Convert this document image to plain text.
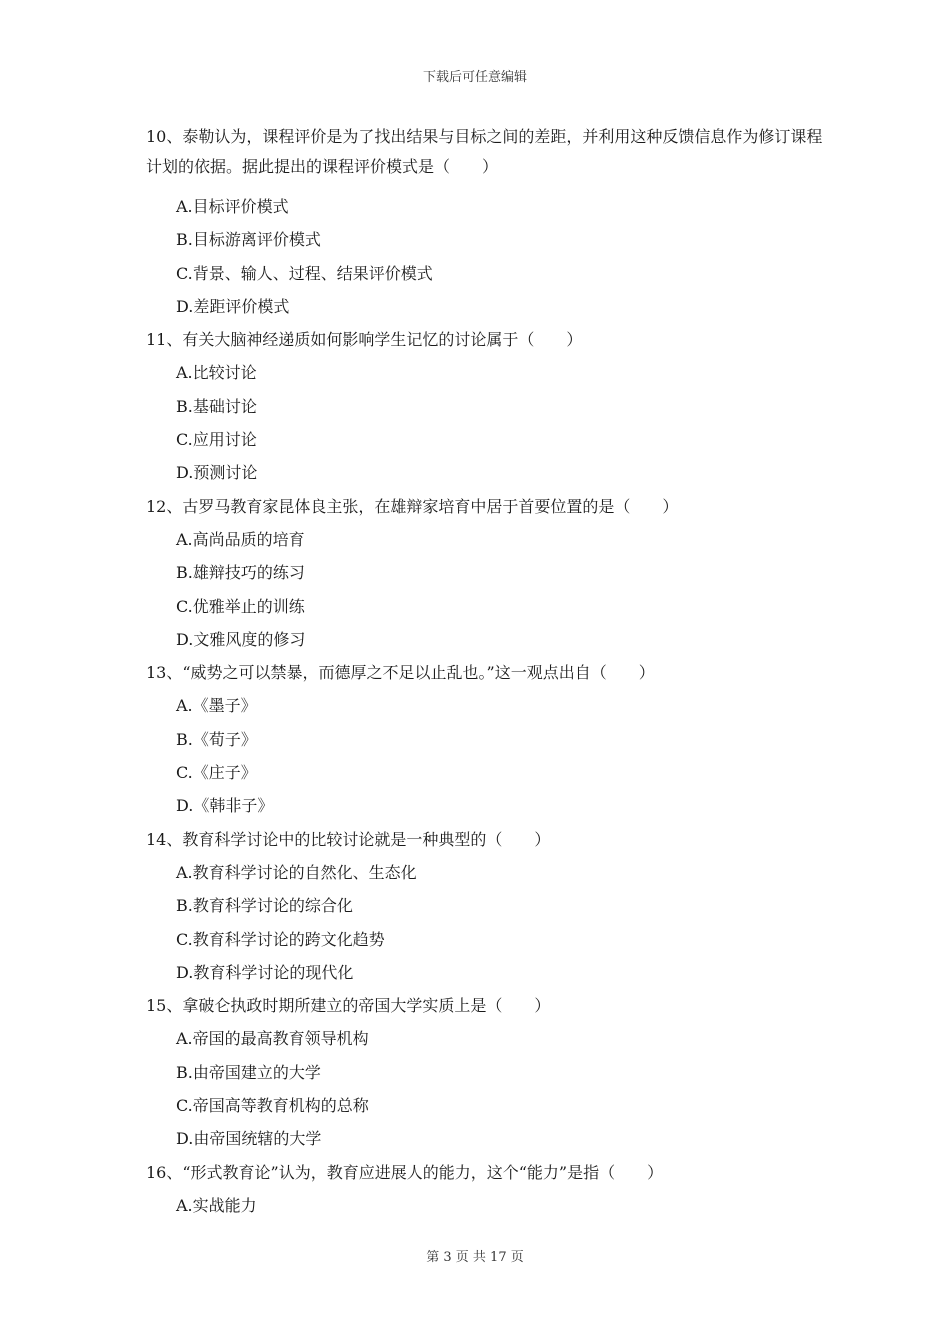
下载后可任意编辑

10、泰勒认为，课程评价是为了找出结果与目标之间的差距，并利用这种反馈信息作为修订课程计划的依据。据此提出的课程评价模式是（　　）

A.目标评价模式

B.目标游离评价模式

C.背景、输人、过程、结果评价模式

D.差距评价模式

11、有关大脑神经递质如何影响学生记忆的讨论属于（　　）

A.比较讨论

B.基础讨论

C.应用讨论

D.预测讨论

12、古罗马教育家昆体良主张，在雄辩家培育中居于首要位置的是（　　）

A.高尚品质的培育

B.雄辩技巧的练习

C.优雅举止的训练

D.文雅风度的修习

13、“威势之可以禁暴，而德厚之不足以止乱也。”这一观点出自（　　）

A.《墨子》

B.《荀子》

C.《庄子》

D.《韩非子》

14、教育科学讨论中的比较讨论就是一种典型的（　　）

A.教育科学讨论的自然化、生态化

B.教育科学讨论的综合化

C.教育科学讨论的跨文化趋势

D.教育科学讨论的现代化

15、拿破仑执政时期所建立的帝国大学实质上是（　　）

A.帝国的最高教育领导机构

B.由帝国建立的大学

C.帝国高等教育机构的总称

D.由帝国统辖的大学

16、“形式教育论”认为，教育应进展人的能力，这个“能力”是指（　　）

A.实战能力

第 3 页 共 17 页
